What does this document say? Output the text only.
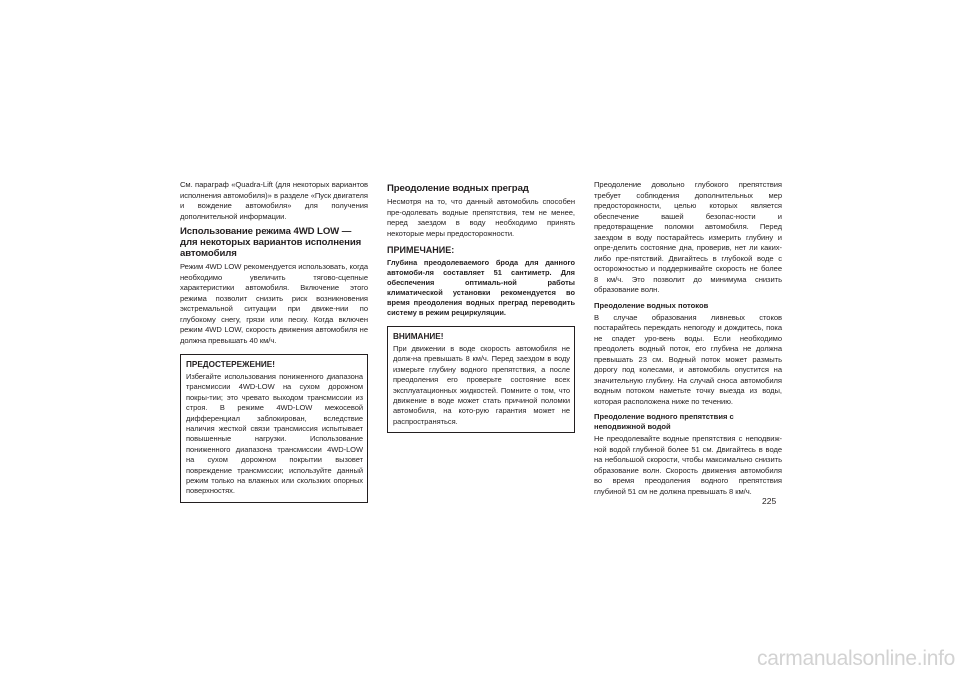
См. параграф «Quadra-Lift (для некоторых вариантов исполнения автомобиля)» в разделе «Пуск двигателя и вождение автомобиля» для получения дополнительной информации.

Использование режима 4WD LOW — для некоторых вариантов исполнения автомобиля

Режим 4WD LOW рекомендуется использовать, когда необходимо увеличить тягово-сцепные характеристики автомобиля. Включение этого режима позволит снизить риск возникновения экстремальной ситуации при движе-нии по глубокому снегу, грязи или песку. Когда включен режим 4WD LOW, скорость движения автомобиля не должна превышать 40 км/ч.

ПРЕДОСТЕРЕЖЕНИЕ!

Избегайте использования пониженного диапазона трансмиссии 4WD-LOW на сухом дорожном покры-тии; это чревато выходом трансмиссии из строя. В режиме 4WD-LOW межосевой дифференциал заблокирован, вследствие наличия жесткой связи трансмиссия испытывает повышенные нагрузки. Использование пониженного диапазона трансмиссии 4WD-LOW на сухом дорожном покрытии вызовет повреждение трансмиссии; используйте данный режим только на влажных или скользких опорных поверхностях.

Преодоление водных преград

Несмотря на то, что данный автомобиль способен пре-одолевать водные препятствия, тем не менее, перед заездом в воду необходимо принять некоторые меры предосторожности.

ПРИМЕЧАНИЕ:
Глубина преодолеваемого брода для данного автомоби-ля составляет 51 сантиметр. Для обеспечения оптималь-ной работы климатической установки рекомендуется во время преодоления водных преград переводить систему в режим рециркуляции.
ВНИМАНИЕ!

При движении в воде скорость автомобиля не долж-на превышать 8 км/ч. Перед заездом в воду измерьте глубину водного препятствия, а после преодоления его проверьте состояние всех эксплуатационных жидкостей. Помните о том, что движение в воде может стать причиной поломки автомобиля, на кото-рую гарантия может не распространяться.

Преодоление довольно глубокого препятствия требует соблюдения дополнительных мер предосторожности, целью которых является обеспечение вашей безопас-ности и предотвращение поломки автомобиля. Перед заездом в воду постарайтесь измерить глубину и опре-делить состояние дна, проверив, нет ли каких-либо пре-пятствий. Двигайтесь в глубокой воде с осторожностью и поддерживайте скорость не более 8 км/ч. Это позволит до минимума снизить образование волн.

Преодоление водных потоков

В случае образования ливневых стоков постарайтесь переждать непогоду и дождитесь, пока не спадет уро-вень воды. Если необходимо преодолеть водный поток, его глубина не должна превышать 23 см. Водный поток может размыть дорогу под колесами, и автомобиль опустится на значительную глубину. На случай сноса автомобиля водным потоком наметьте точку выезда из воды, которая расположена ниже по течению.

Преодоление водного препятствия с неподвижной водой

Не преодолевайте водные препятствия с неподвиж-ной водой глубиной более 51 см. Двигайтесь в воде на небольшой скорости, чтобы максимально снизить образование волн. Скорость движения автомобиля во время преодоления водного препятствия глубиной 51 см не должна превышать 8 км/ч.

225
carmanualsonline.info
